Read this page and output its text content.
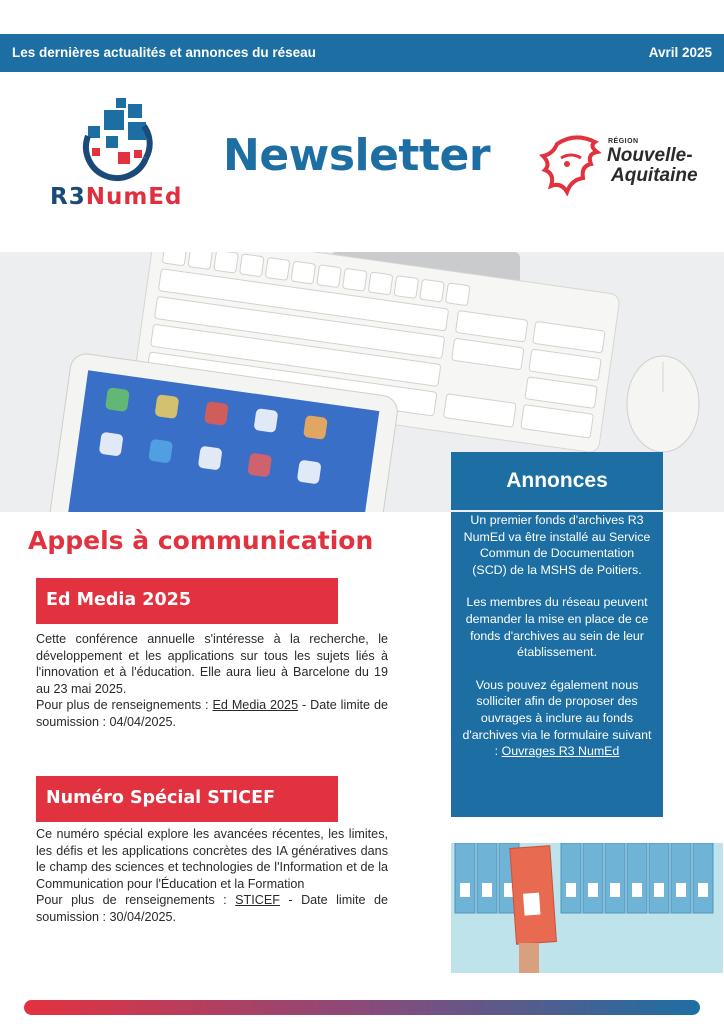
Les dernières actualités et annonces du réseau	Avril 2025
R3NumEd
Newsletter	RÉGION
Nouvelle-
Aquitaine
Annonces

Un premier fonds d'archives R3 NumEd va être installé au Service Commun de Documentation (SCD) de la MSHS de Poitiers.

Les membres du réseau peuvent demander la mise en place de ce fonds d'archives au sein de leur établissement.

Vous pouvez également nous solliciter afin de proposer des ouvrages à inclure au fonds d'archives via le formulaire suivant : Ouvrages R3 NumEd

Appels à communication
Ed Media 2025

Cette conférence annuelle s'intéresse à la recherche, le développement et les applications sur tous les sujets liés à l'innovation et à l'éducation. Elle aura lieu à Barcelone du 19 au 23 mai 2025.

Pour plus de renseignements : Ed Media 2025 - Date limite de soumission : 04/04/2025.

Numéro Spécial STICEF

Ce numéro spécial explore les avancées récentes, les limites, les défis et les applications concrètes des IA génératives dans le champ des sciences et technologies de l'Information et de la Communication pour l'Éducation et la Formation

Pour plus de renseignements : STICEF - Date limite de soumission : 30/04/2025.
